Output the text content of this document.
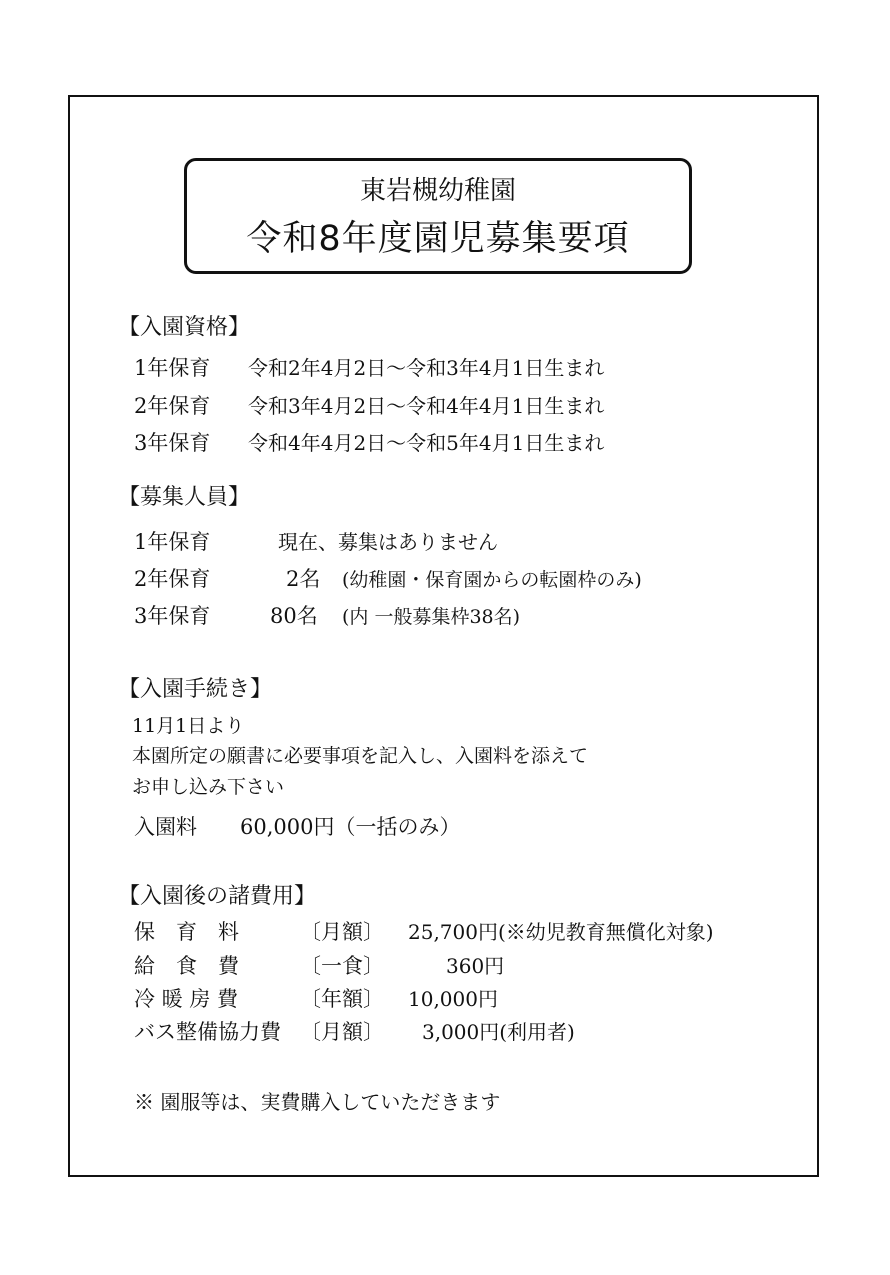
東岩槻幼稚園
令和8年度園児募集要項
【入園資格】
1年保育 令和2年4月2日～令和3年4月1日生まれ
2年保育 令和3年4月2日～令和4年4月1日生まれ
3年保育 令和4年4月2日～令和5年4月1日生まれ
【募集人員】
1年保育	現在、募集はありません
2年保育	2名 (幼稚園・保育園からの転園枠のみ)
3年保育	80名 (内 一般募集枠38名)
【入園手続き】
11月1日より
本園所定の願書に必要事項を記入し、入園料を添えて
お申し込み下さい
入園料 60,000円（一括のみ）
【入園後の諸費用】
保　育　料	〔月額〕 25,700円(※幼児教育無償化対象)
給　食　費	〔一食〕	360円
冷 暖 房 費	〔年額〕 10,000円
バス整備協力費 〔月額〕 3,000円(利用者)
※ 園服等は、実費購入していただきます
